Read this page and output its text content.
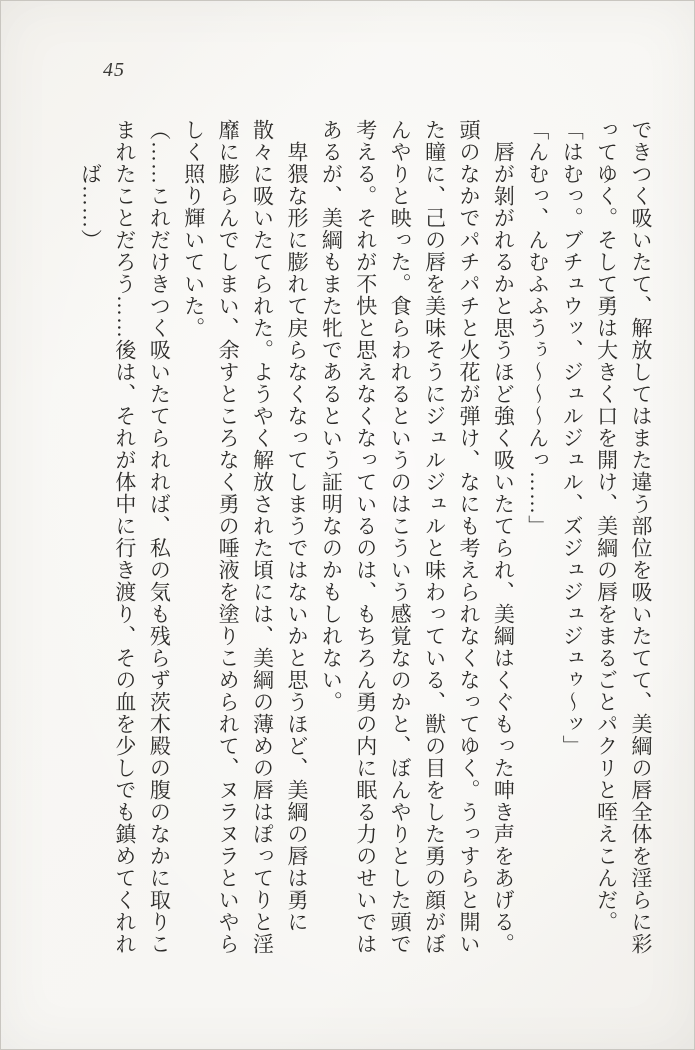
45
できつく吸いたて、解放してはまた違う部位を吸いたてて、美綱の唇全体を淫らに彩
ってゆく。そして勇は大きく口を開け、美綱の唇をまるごとパクリと咥えこんだ。
「はむっ。ブチュウッ、ジュルジュル、ズジュジュジュゥ～ッ」
「んむっ、んむふふうぅ～～～んっ……」
　唇が剝がれるかと思うほど強く吸いたてられ、美綱はくぐもった呻き声をあげる。
頭のなかでパチパチと火花が弾け、なにも考えられなくなってゆく。うっすらと開い
た瞳に、己の唇を美味そうにジュルジュルと味わっている、獣の目をした勇の顔がぼ
んやりと映った。食らわれるというのはこういう感覚なのかと、ぼんやりとした頭で
考える。それが不快と思えなくなっているのは、もちろん勇の内に眠る力のせいでは
あるが、美綱もまた牝であるという証明なのかもしれない。
　卑猥な形に膨れて戻らなくなってしまうではないかと思うほど、美綱の唇は勇に
散々に吸いたてられた。ようやく解放された頃には、美綱の薄めの唇はぽってりと淫
靡に膨らんでしまい、余すところなく勇の唾液を塗りこめられて、ヌラヌラといやら
しく照り輝いていた。
（……これだけきつく吸いたてられれば、私の気も残らず茨木殿の腹のなかに取りこ
まれたことだろう……後は、それが体中に行き渡り、その血を少しでも鎮めてくれれ
　　ば……）
